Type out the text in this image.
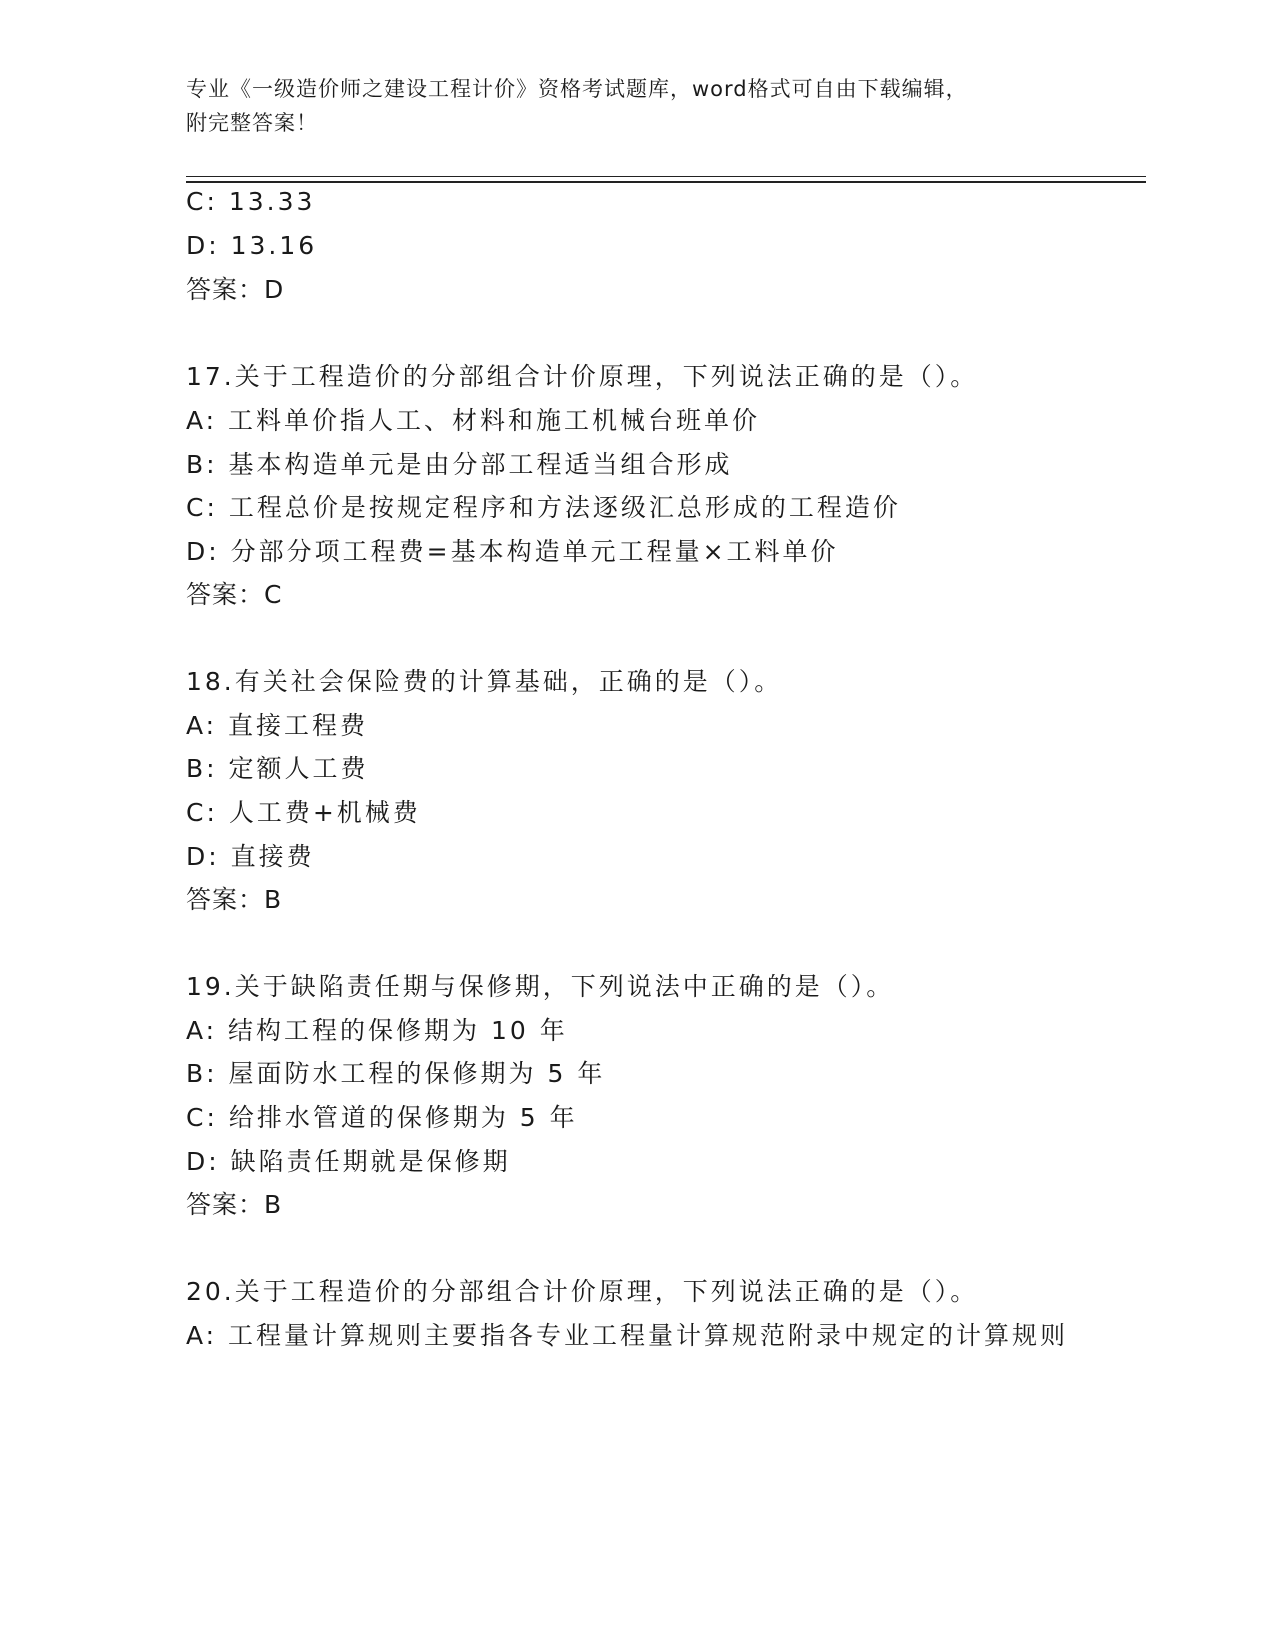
专业《一级造价师之建设工程计价》资格考试题库，word格式可自由下载编辑，
附完整答案！
C: 13.33
D: 13.16
答案：D
17.关于工程造价的分部组合计价原理，下列说法正确的是（）。
A: 工料单价指人工、材料和施工机械台班单价
B: 基本构造单元是由分部工程适当组合形成
C: 工程总价是按规定程序和方法逐级汇总形成的工程造价
D: 分部分项工程费=基本构造单元工程量×工料单价
答案：C
18.有关社会保险费的计算基础，正确的是（）。
A: 直接工程费
B: 定额人工费
C: 人工费+机械费
D: 直接费
答案：B
19.关于缺陷责任期与保修期，下列说法中正确的是（）。
A: 结构工程的保修期为 10 年
B: 屋面防水工程的保修期为 5 年
C: 给排水管道的保修期为 5 年
D: 缺陷责任期就是保修期
答案：B
20.关于工程造价的分部组合计价原理，下列说法正确的是（）。
A: 工程量计算规则主要指各专业工程量计算规范附录中规定的计算规则
